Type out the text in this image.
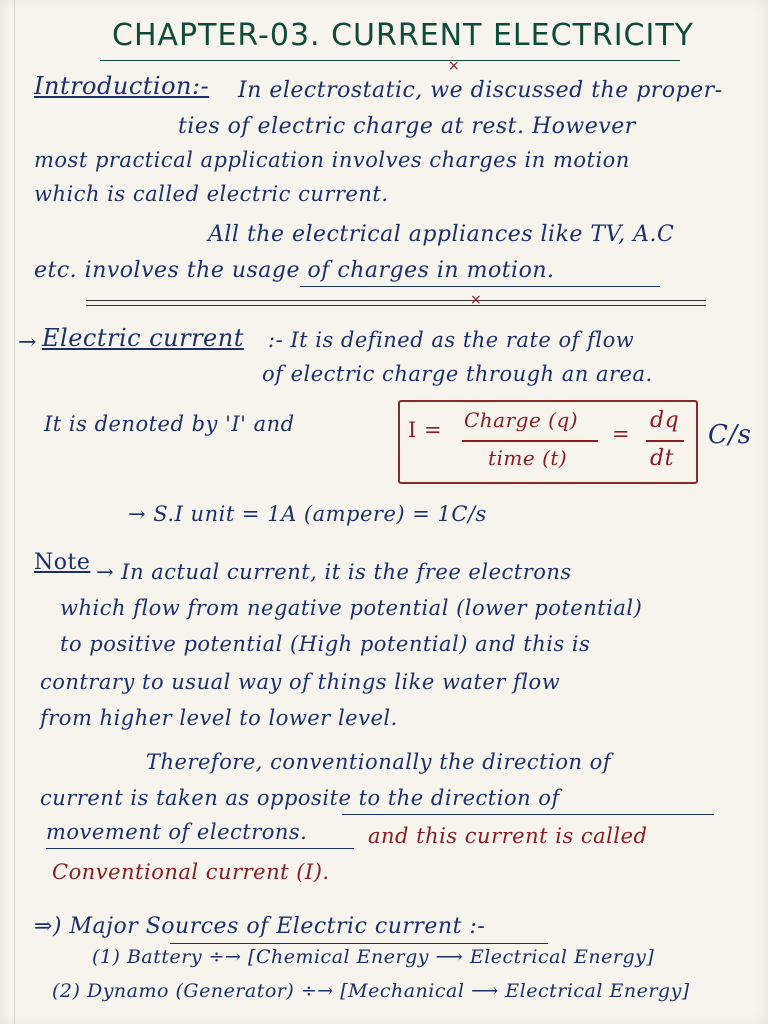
CHAPTER-03. CURRENT ELECTRICITY
×
Introduction:- In electrostatic, we discussed the proper-
ties of electric charge at rest. However
most practical application involves charges in motion
which is called electric current.
All the electrical appliances like TV, A.C
etc. involves the usage of charges in motion.
×
→ Electric current :- It is defined as the rate of flow
of electric charge through an area.
It is denoted by 'I' and	I = Charge (q)
time (t)
=
dq
dt
C/s
→ S.I unit = 1A (ampere) = 1C/s
Note → In actual current, it is the free electrons
which flow from negative potential (lower potential)
to positive potential (High potential) and this is
contrary to usual way of things like water flow
from higher level to lower level.
Therefore, conventionally the direction of
current is taken as opposite to the direction of
movement of electrons.	and this current is called
Conventional current (I).
⇒) Major Sources of Electric current :-
(1) Battery ÷→ [Chemical Energy ⟶ Electrical Energy]
(2) Dynamo (Generator) ÷→ [Mechanical ⟶ Electrical Energy]
